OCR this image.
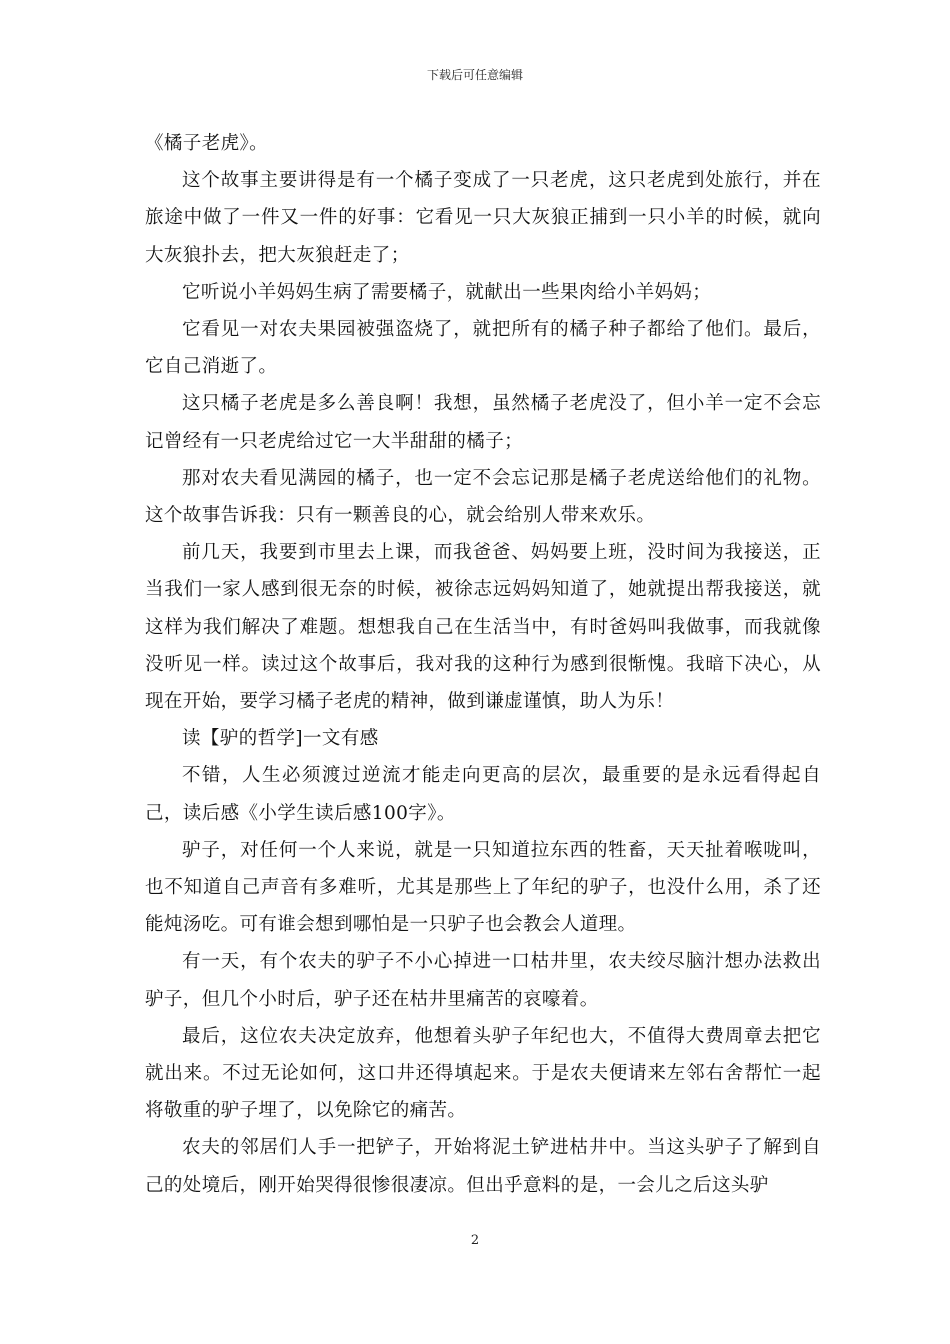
下载后可任意编辑

《橘子老虎》。

这个故事主要讲得是有一个橘子变成了一只老虎，这只老虎到处旅行，并在旅途中做了一件又一件的好事：它看见一只大灰狼正捕到一只小羊的时候，就向大灰狼扑去，把大灰狼赶走了；

它听说小羊妈妈生病了需要橘子，就献出一些果肉给小羊妈妈；

它看见一对农夫果园被强盗烧了，就把所有的橘子种子都给了他们。最后，它自己消逝了。

这只橘子老虎是多么善良啊！我想，虽然橘子老虎没了，但小羊一定不会忘记曾经有一只老虎给过它一大半甜甜的橘子；

那对农夫看见满园的橘子，也一定不会忘记那是橘子老虎送给他们的礼物。这个故事告诉我：只有一颗善良的心，就会给别人带来欢乐。

前几天，我要到市里去上课，而我爸爸、妈妈要上班，没时间为我接送，正当我们一家人感到很无奈的时候，被徐志远妈妈知道了，她就提出帮我接送，就这样为我们解决了难题。想想我自己在生活当中，有时爸妈叫我做事，而我就像没听见一样。读过这个故事后，我对我的这种行为感到很惭愧。我暗下决心，从现在开始，要学习橘子老虎的精神，做到谦虚谨慎，助人为乐！

读【驴的哲学]一文有感

不错，人生必须渡过逆流才能走向更高的层次，最重要的是永远看得起自己，读后感《小学生读后感100字》。

驴子，对任何一个人来说，就是一只知道拉东西的牲畜，天天扯着喉咙叫，也不知道自己声音有多难听，尤其是那些上了年纪的驴子，也没什么用，杀了还能炖汤吃。可有谁会想到哪怕是一只驴子也会教会人道理。

有一天，有个农夫的驴子不小心掉进一口枯井里，农夫绞尽脑汁想办法救出驴子，但几个小时后，驴子还在枯井里痛苦的哀嚎着。

最后，这位农夫决定放弃，他想着头驴子年纪也大，不值得大费周章去把它就出来。不过无论如何，这口井还得填起来。于是农夫便请来左邻右舍帮忙一起将敬重的驴子埋了，以免除它的痛苦。

农夫的邻居们人手一把铲子，开始将泥土铲进枯井中。当这头驴子了解到自己的处境后，刚开始哭得很惨很凄凉。但出乎意料的是，一会儿之后这头驴

2
